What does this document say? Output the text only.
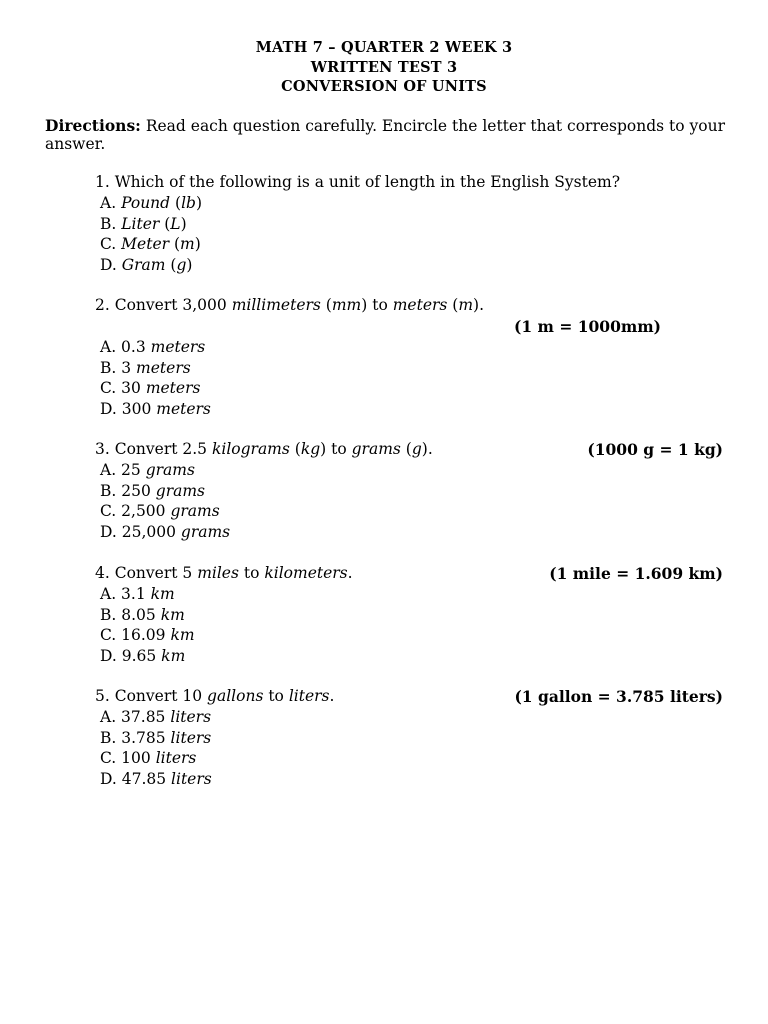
MATH 7 – QUARTER 2 WEEK 3
WRITTEN TEST 3
CONVERSION OF UNITS
Directions: Read each question carefully. Encircle the letter that corresponds to your answer.
1. Which of the following is a unit of length in the English System?
A. Pound (lb)
B. Liter (L)
C. Meter (m)
D. Gram (g)
2. Convert 3,000 millimeters (mm) to meters (m).
(1 m = 1000mm)
A. 0.3 meters
B. 3 meters
C. 30 meters
D. 300 meters
3. Convert 2.5 kilograms (kg) to grams (g).	(1000 g = 1 kg)
A. 25 grams
B. 250 grams
C. 2,500 grams
D. 25,000 grams
4. Convert 5 miles to kilometers.	(1 mile = 1.609 km)
A. 3.1 km
B. 8.05 km
C. 16.09 km
D. 9.65 km
5. Convert 10 gallons to liters.	(1 gallon = 3.785 liters)
A. 37.85 liters
B. 3.785 liters
C. 100 liters
D. 47.85 liters
